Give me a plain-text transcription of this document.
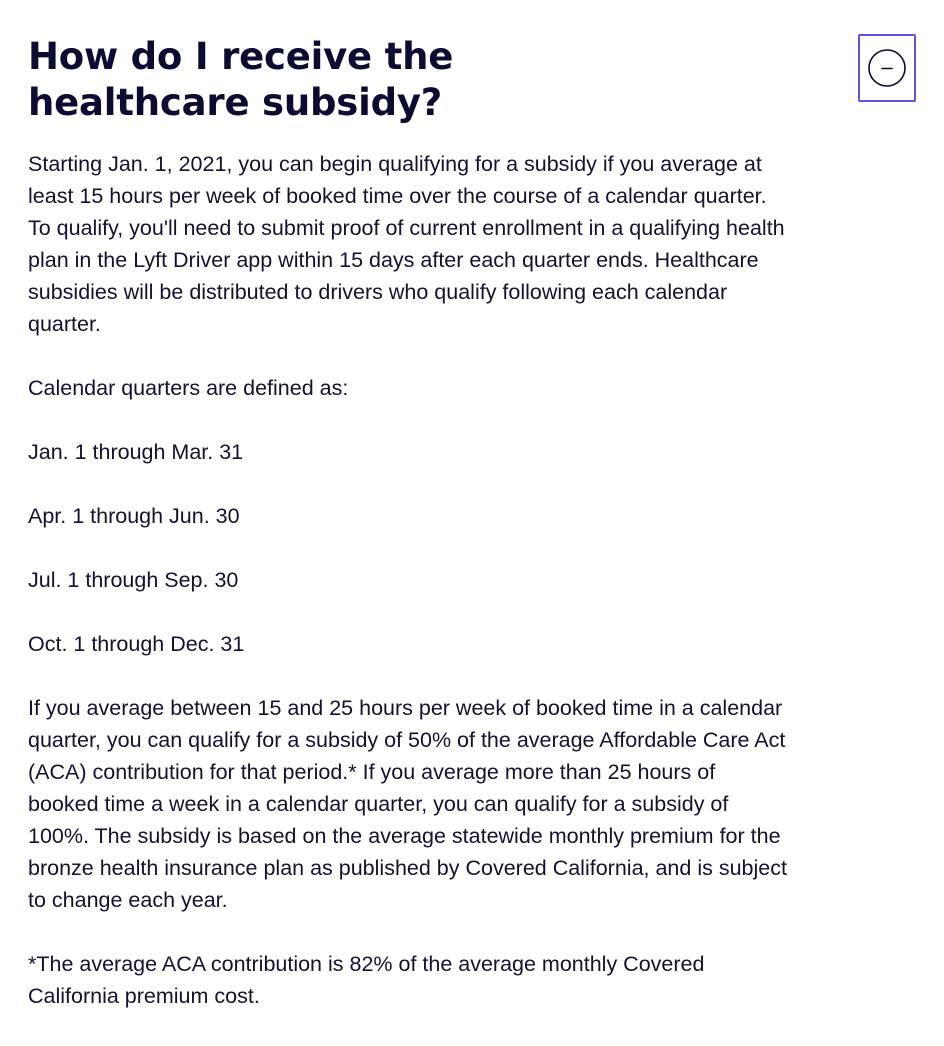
How do I receive the healthcare subsidy?

Starting Jan. 1, 2021, you can begin qualifying for a subsidy if you average at least 15 hours per week of booked time over the course of a calendar quarter. To qualify, you'll need to submit proof of current enrollment in a qualifying health plan in the Lyft Driver app within 15 days after each quarter ends. Healthcare subsidies will be distributed to drivers who qualify following each calendar quarter.

Calendar quarters are defined as:

Jan. 1 through Mar. 31

Apr. 1 through Jun. 30

Jul. 1 through Sep. 30

Oct. 1 through Dec. 31

If you average between 15 and 25 hours per week of booked time in a calendar quarter, you can qualify for a subsidy of 50% of the average Affordable Care Act (ACA) contribution for that period.* If you average more than 25 hours of booked time a week in a calendar quarter, you can qualify for a subsidy of 100%. The subsidy is based on the average statewide monthly premium for the bronze health insurance plan as published by Covered California, and is subject to change each year.

*The average ACA contribution is 82% of the average monthly Covered California premium cost.
